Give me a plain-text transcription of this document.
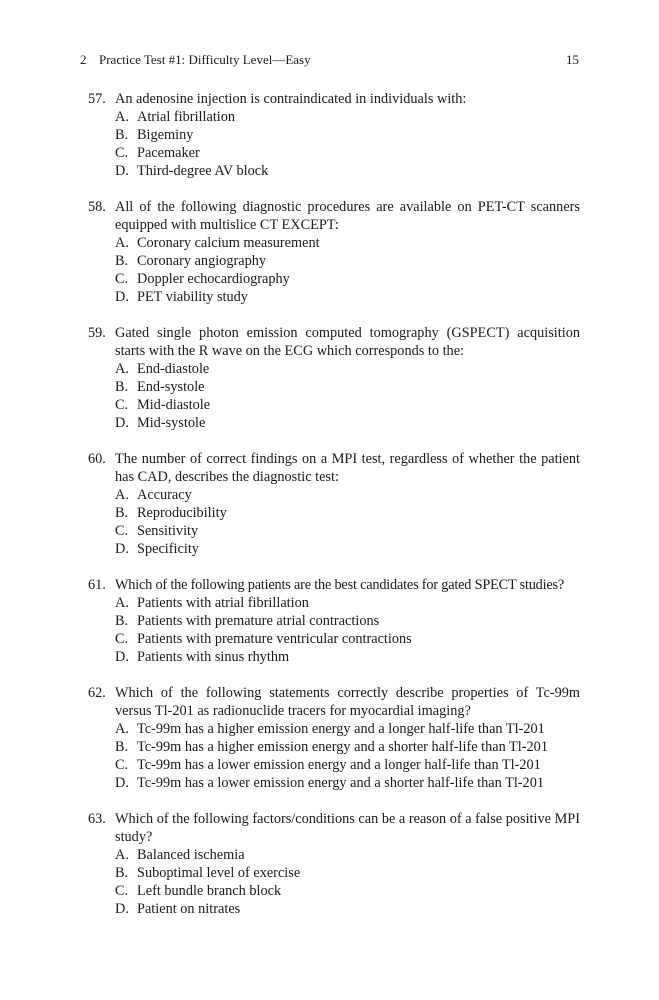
2 Practice Test #1: Difficulty Level—Easy	15
57. An adenosine injection is contraindicated in individuals with:
A. Atrial fibrillation
B. Bigeminy
C. Pacemaker
D. Third-degree AV block
58. All of the following diagnostic procedures are available on PET-CT scanners equipped with multislice CT EXCEPT:
A. Coronary calcium measurement
B. Coronary angiography
C. Doppler echocardiography
D. PET viability study
59. Gated single photon emission computed tomography (GSPECT) acquisition starts with the R wave on the ECG which corresponds to the:
A. End-diastole
B. End-systole
C. Mid-diastole
D. Mid-systole
60. The number of correct findings on a MPI test, regardless of whether the patient has CAD, describes the diagnostic test:
A. Accuracy
B. Reproducibility
C. Sensitivity
D. Specificity
61. Which of the following patients are the best candidates for gated SPECT studies?
A. Patients with atrial fibrillation
B. Patients with premature atrial contractions
C. Patients with premature ventricular contractions
D. Patients with sinus rhythm
62. Which of the following statements correctly describe properties of Tc-99m versus Tl-201 as radionuclide tracers for myocardial imaging?
A. Tc-99m has a higher emission energy and a longer half-life than Tl-201
B. Tc-99m has a higher emission energy and a shorter half-life than Tl-201
C. Tc-99m has a lower emission energy and a longer half-life than Tl-201
D. Tc-99m has a lower emission energy and a shorter half-life than Tl-201
63. Which of the following factors/conditions can be a reason of a false positive MPI study?
A. Balanced ischemia
B. Suboptimal level of exercise
C. Left bundle branch block
D. Patient on nitrates
